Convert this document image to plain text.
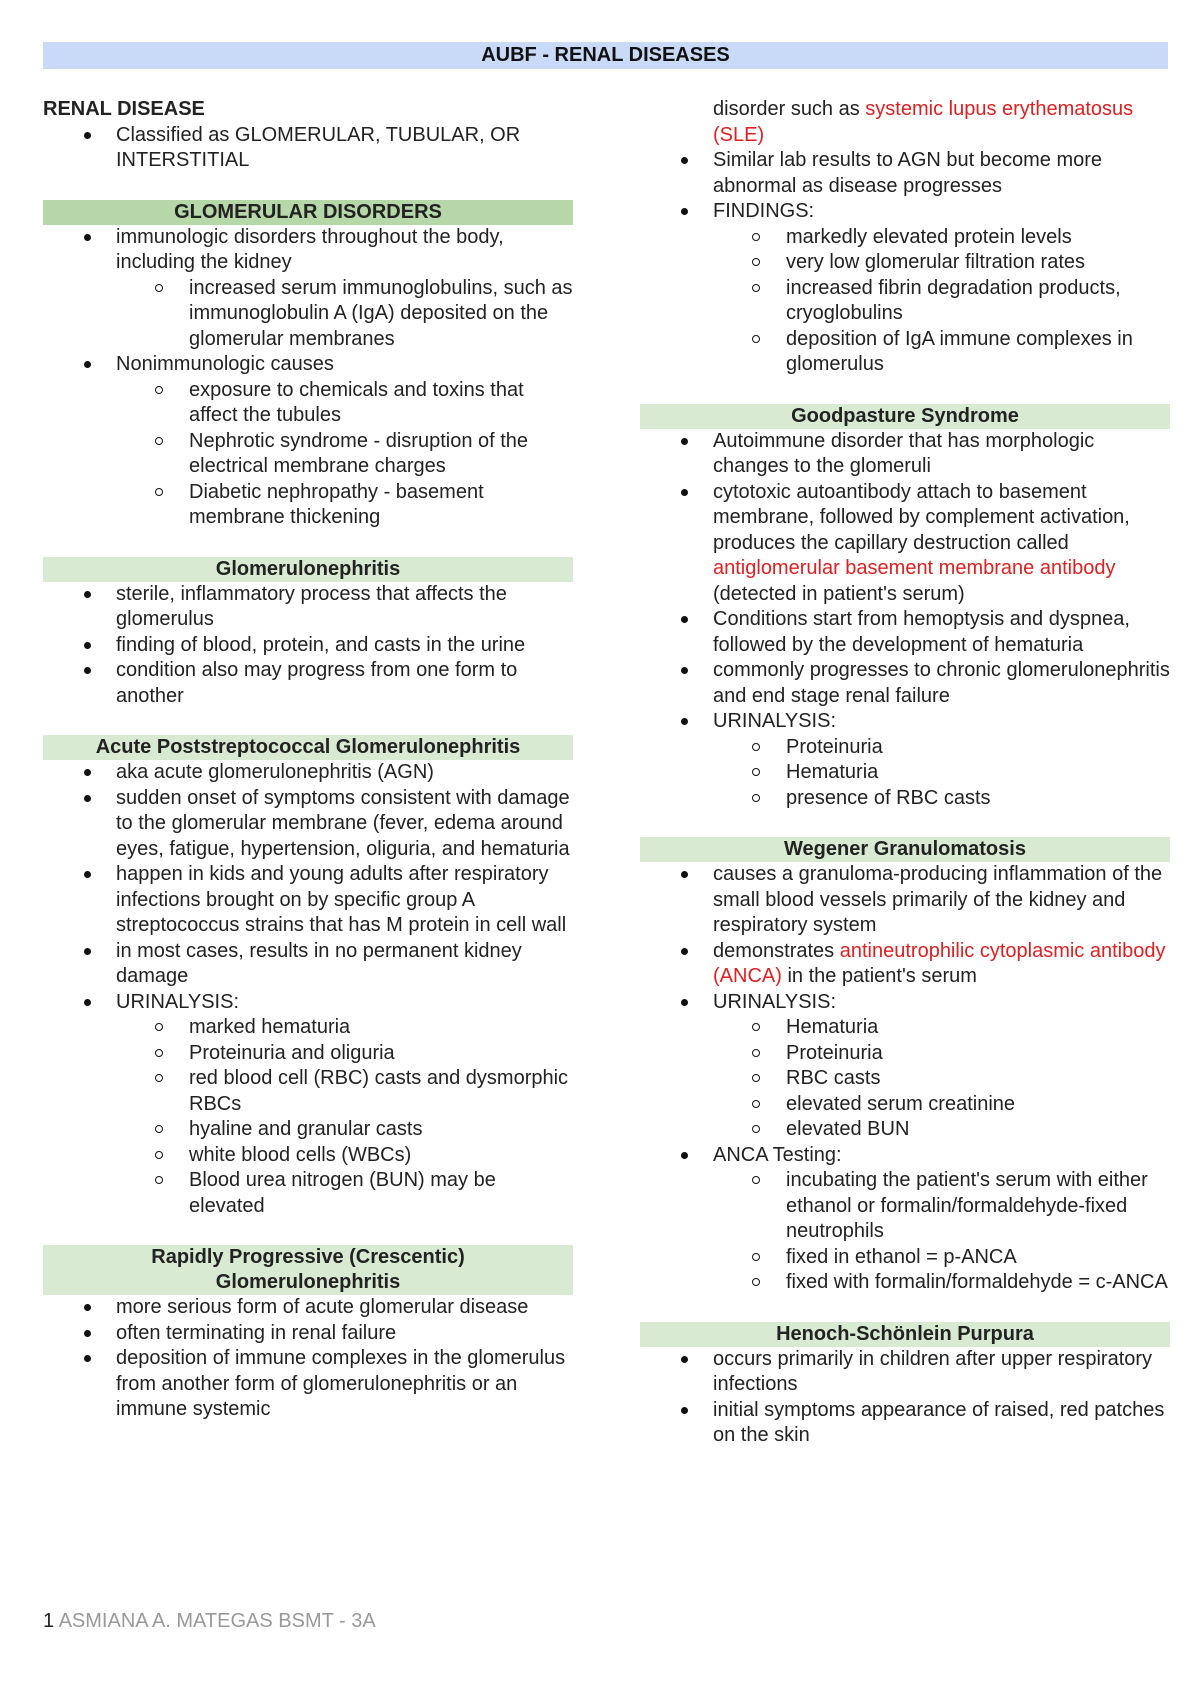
AUBF - RENAL DISEASES
RENAL DISEASE
Classified as GLOMERULAR, TUBULAR, OR INTERSTITIAL
GLOMERULAR DISORDERS
immunologic disorders throughout the body, including the kidney
increased serum immunoglobulins, such as immunoglobulin A (IgA) deposited on the glomerular membranes
Nonimmunologic causes
exposure to chemicals and toxins that affect the tubules
Nephrotic syndrome - disruption of the electrical membrane charges
Diabetic nephropathy - basement membrane thickening
Glomerulonephritis
sterile, inflammatory process that affects the glomerulus
finding of blood, protein, and casts in the urine
condition also may progress from one form to another
Acute Poststreptococcal Glomerulonephritis
aka acute glomerulonephritis (AGN)
sudden onset of symptoms consistent with damage to the glomerular membrane (fever, edema around eyes, fatigue, hypertension, oliguria, and hematuria
happen in kids and young adults after respiratory infections brought on by specific group A streptococcus strains that has M protein in cell wall
in most cases, results in no permanent kidney damage
URINALYSIS:
marked hematuria
Proteinuria and oliguria
red blood cell (RBC) casts and dysmorphic RBCs
hyaline and granular casts
white blood cells (WBCs)
Blood urea nitrogen (BUN) may be elevated
Rapidly Progressive (Crescentic)
Glomerulonephritis
more serious form of acute glomerular disease
often terminating in renal failure
deposition of immune complexes in the glomerulus from another form of glomerulonephritis or an immune systemic
disorder such as systemic lupus erythematosus (SLE)
Similar lab results to AGN but become more abnormal as disease progresses
FINDINGS:
markedly elevated protein levels
very low glomerular filtration rates
increased fibrin degradation products, cryoglobulins
deposition of IgA immune complexes in glomerulus
Goodpasture Syndrome
Autoimmune disorder that has morphologic changes to the glomeruli
cytotoxic autoantibody attach to basement membrane, followed by complement activation, produces the capillary destruction called antiglomerular basement membrane antibody (detected in patient's serum)
Conditions start from hemoptysis and dyspnea, followed by the development of hematuria
commonly progresses to chronic glomerulonephritis and end stage renal failure
URINALYSIS:
Proteinuria
Hematuria
presence of RBC casts
Wegener Granulomatosis
causes a granuloma-producing inflammation of the small blood vessels primarily of the kidney and respiratory system
demonstrates antineutrophilic cytoplasmic antibody (ANCA) in the patient's serum
URINALYSIS:
Hematuria
Proteinuria
RBC casts
elevated serum creatinine
elevated BUN
ANCA Testing:
incubating the patient's serum with either ethanol or formalin/formaldehyde-fixed neutrophils
fixed in ethanol = p-ANCA
fixed with formalin/formaldehyde = c-ANCA
Henoch-Schönlein Purpura
occurs primarily in children after upper respiratory infections
initial symptoms appearance of raised, red patches on the skin
1 ASMIANA A. MATEGAS BSMT - 3A
